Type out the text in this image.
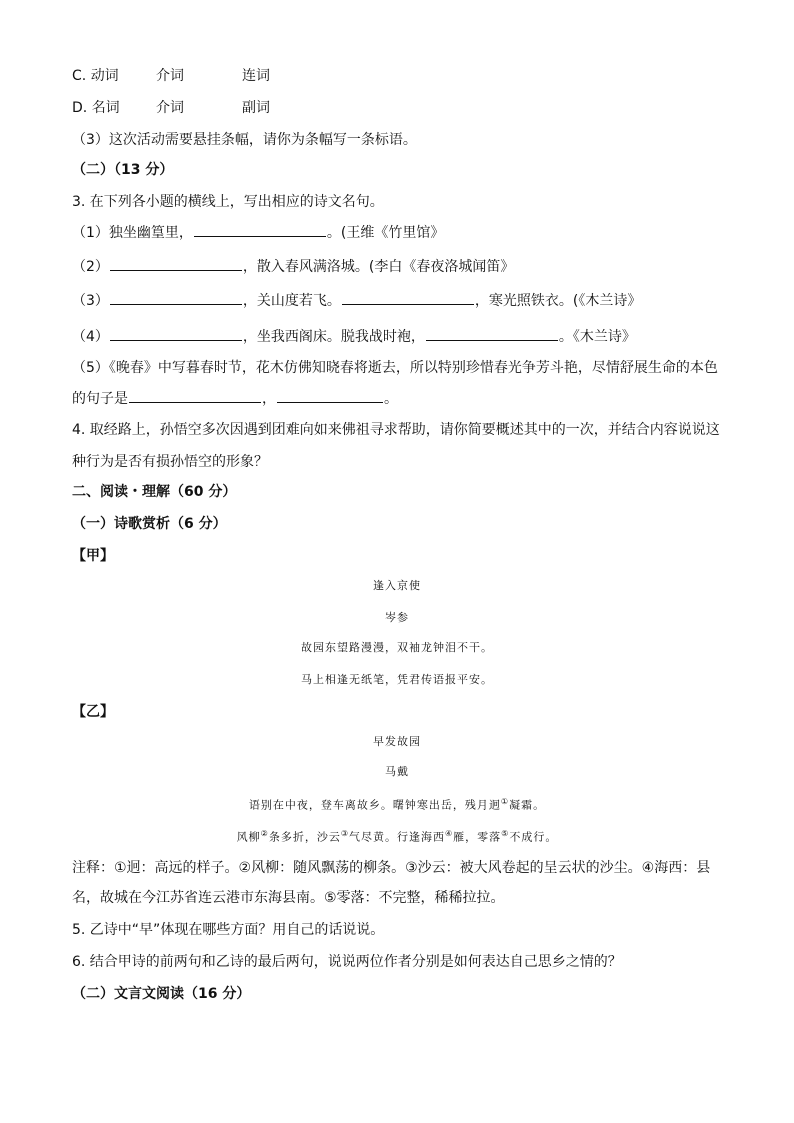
C. 动词	介词	连词
D. 名词	介词	副词
（3）这次活动需要悬挂条幅，请你为条幅写一条标语。
（二）（13 分）
3. 在下列各小题的横线上，写出相应的诗文名句。
（1）独坐幽篁里，	。(王维《竹里馆》
（2）	，散入春风满洛城。(李白《春夜洛城闻笛》
（3）	，关山度若飞。	，寒光照铁衣。(《木兰诗》
（4）	，坐我西阁床。脱我战时袍，	。《木兰诗》
（5）《晚春》中写暮春时节，花木仿佛知晓春将逝去，所以特别珍惜春光争芳斗艳，尽情舒展生命的本色
的句子是	，	。
4. 取经路上，孙悟空多次因遇到团难向如来佛祖寻求帮助，请你简要概述其中的一次，并结合内容说说这
种行为是否有损孙悟空的形象？
二、阅读・理解（60 分）
（一）诗歌赏析（6 分）
【甲】
逢入京使
岑参
故园东望路漫漫，双袖龙钟泪不干。
马上相逢无纸笔，凭君传语报平安。
【乙】
早发故园
马戴
语别在中夜，登车离故乡。曙钟寒出岳，残月迥①凝霜。
风柳②条多折，沙云③气尽黄。行逢海西④雁，零落⑤不成行。
注释：①迥：高远的样子。②风柳：随风飘荡的柳条。③沙云：被大风卷起的呈云状的沙尘。④海西：县
名，故城在今江苏省连云港市东海县南。⑤零落：不完整，稀稀拉拉。
5. 乙诗中“早”体现在哪些方面？用自己的话说说。
6. 结合甲诗的前两句和乙诗的最后两句，说说两位作者分别是如何表达自己思乡之情的？
（二）文言文阅读（16 分）
